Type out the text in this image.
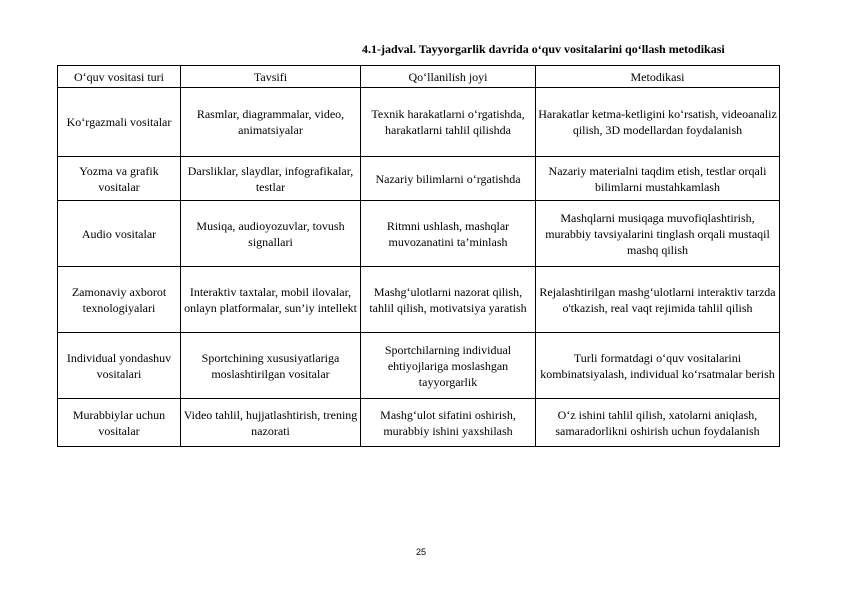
4.1-jadval. Tayyorgarlik davrida o‘quv vositalarini qo‘llash metodikasi
O‘quv vositasi turi	Tavsifi	Qo‘llanilish joyi	Metodikasi
Ko‘rgazmali vositalar	Rasmlar, diagrammalar, video, animatsiyalar	Texnik harakatlarni o‘rgatishda, harakatlarni tahlil qilishda	Harakatlar ketma-ketligini ko‘rsatish, videoanaliz qilish, 3D modellardan foydalanish
Yozma va grafik vositalar	Darsliklar, slaydlar, infografikalar, testlar	Nazariy bilimlarni o‘rgatishda	Nazariy materialni taqdim etish, testlar orqali bilimlarni mustahkamlash
Audio vositalar	Musiqa, audioyozuvlar, tovush signallari	Ritmni ushlash, mashqlar muvozanatini ta’minlash	Mashqlarni musiqaga muvofiqlashtirish, murabbiy tavsiyalarini tinglash orqali mustaqil mashq qilish
Zamonaviy axborot texnologiyalari	Interaktiv taxtalar, mobil ilovalar, onlayn platformalar, sun’iy intellekt	Mashg‘ulotlarni nazorat qilish, tahlil qilish, motivatsiya yaratish	Rejalashtirilgan mashg‘ulotlarni interaktiv tarzda o'tkazish, real vaqt rejimida tahlil qilish
Individual yondashuv vositalari	Sportchining xususiyatlariga moslashtirilgan vositalar	Sportchilarning individual ehtiyojlariga moslashgan tayyorgarlik	Turli formatdagi o‘quv vositalarini kombinatsiyalash, individual ko‘rsatmalar berish
Murabbiylar uchun vositalar	Video tahlil, hujjatlashtirish, trening nazorati	Mashg‘ulot sifatini oshirish, murabbiy ishini yaxshilash	O‘z ishini tahlil qilish, xatolarni aniqlash, samaradorlikni oshirish uchun foydalanish
25
